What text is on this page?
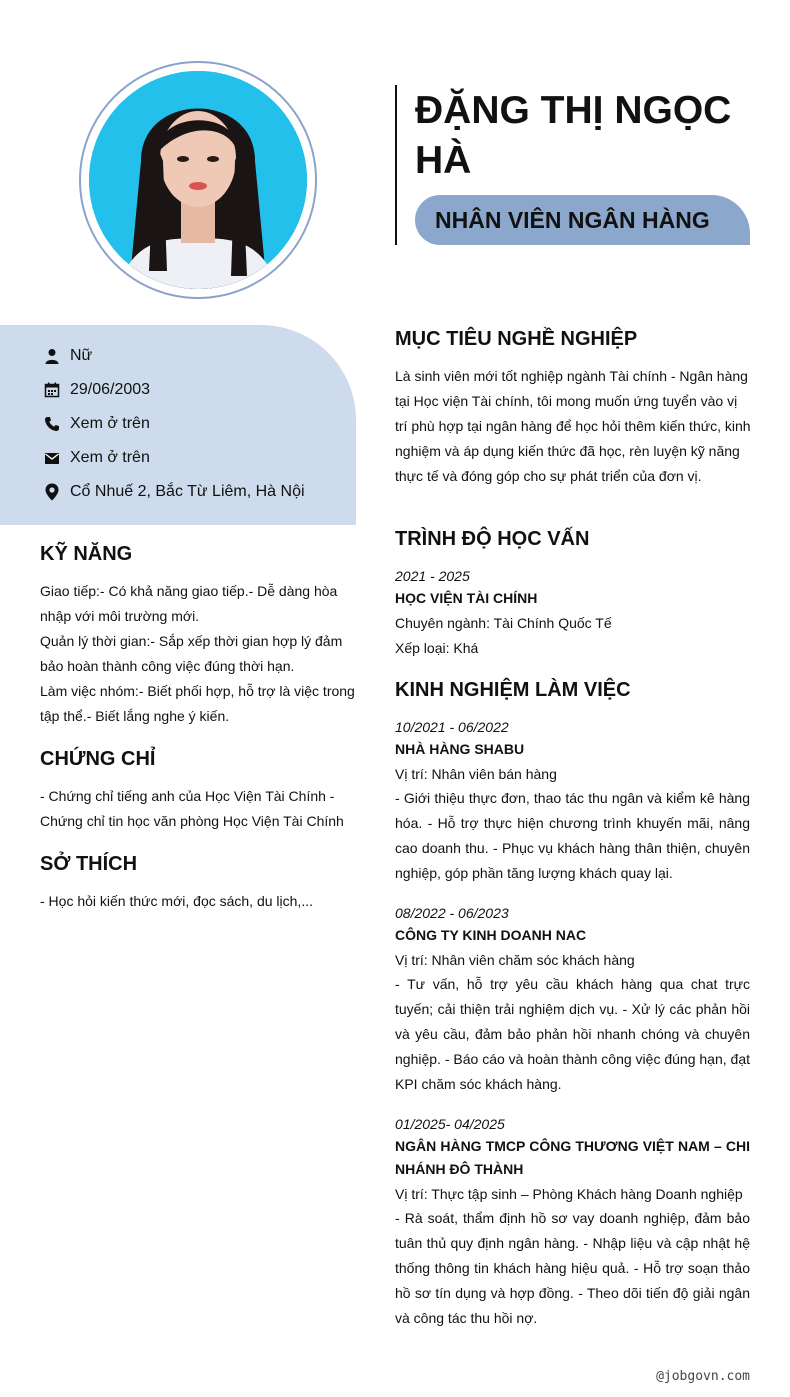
ĐẶNG THỊ NGỌC HÀ
NHÂN VIÊN NGÂN HÀNG
Nữ
29/06/2003
Xem ở trên
Xem ở trên
Cổ Nhuế 2, Bắc Từ Liêm, Hà Nội
KỸ NĂNG
Giao tiếp:- Có khả năng giao tiếp.- Dễ dàng hòa nhập với môi trường mới.
Quản lý thời gian:- Sắp xếp thời gian hợp lý đảm bảo hoàn thành công việc đúng thời hạn.
Làm việc nhóm:- Biết phối hợp, hỗ trợ là việc trong tập thể.- Biết lắng nghe ý kiến.
CHỨNG CHỈ
- Chứng chỉ tiếng anh của Học Viện Tài Chính - Chứng chỉ tin học văn phòng Học Viện Tài Chính
SỞ THÍCH
- Học hỏi kiến thức mới, đọc sách, du lịch,...
MỤC TIÊU NGHỀ NGHIỆP
Là sinh viên mới tốt nghiệp ngành Tài chính - Ngân hàng tại Học viện Tài chính, tôi mong muốn ứng tuyển vào vị trí phù hợp tại ngân hàng để học hỏi thêm kiến thức, kinh nghiệm và áp dụng kiến thức đã học, rèn luyện kỹ năng thực tế và đóng góp cho sự phát triển của đơn vị.
TRÌNH ĐỘ HỌC VẤN
2021 - 2025
HỌC VIỆN TÀI CHÍNH
Chuyên ngành: Tài Chính Quốc Tế
Xếp loại: Khá
KINH NGHIỆM LÀM VIỆC
10/2021 - 06/2022
NHÀ HÀNG SHABU
Vị trí: Nhân viên bán hàng
- Giới thiệu thực đơn, thao tác thu ngân và kiểm kê hàng hóa. - Hỗ trợ thực hiện chương trình khuyến mãi, nâng cao doanh thu. - Phục vụ khách hàng thân thiện, chuyên nghiệp, góp phần tăng lượng khách quay lại.
08/2022 - 06/2023
CÔNG TY KINH DOANH NAC
Vị trí: Nhân viên chăm sóc khách hàng
- Tư vấn, hỗ trợ yêu cầu khách hàng qua chat trực tuyến; cải thiện trải nghiệm dịch vụ. - Xử lý các phản hồi và yêu cầu, đảm bảo phản hồi nhanh chóng và chuyên nghiệp. - Báo cáo và hoàn thành công việc đúng hạn, đạt KPI chăm sóc khách hàng.
01/2025- 04/2025
NGÂN HÀNG TMCP CÔNG THƯƠNG VIỆT NAM – CHI NHÁNH ĐÔ THÀNH
Vị trí: Thực tập sinh – Phòng Khách hàng Doanh nghiệp
- Rà soát, thẩm định hồ sơ vay doanh nghiệp, đảm bảo tuân thủ quy định ngân hàng. - Nhập liệu và cập nhật hệ thống thông tin khách hàng hiệu quả. - Hỗ trợ soạn thảo hồ sơ tín dụng và hợp đồng. - Theo dõi tiến độ giải ngân và công tác thu hồi nợ.
@jobgovn.com
